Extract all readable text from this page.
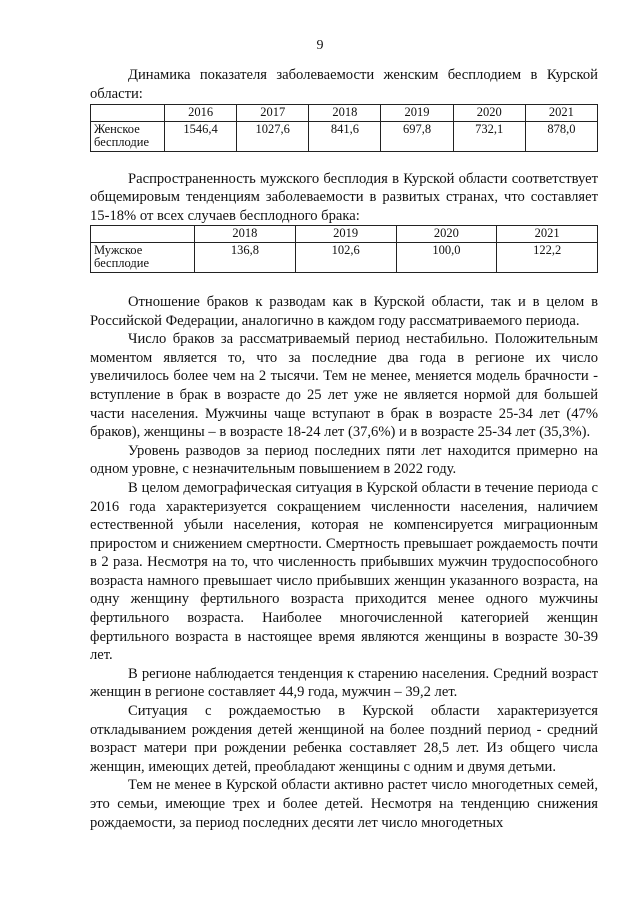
9
Динамика показателя заболеваемости женским бесплодием в Курской области:
	2016	2017	2018	2019	2020	2021
Женское бесплодие	1546,4	1027,6	841,6	697,8	732,1	878,0

Распространенность мужского бесплодия в Курской области соответствует общемировым тенденциям заболеваемости в развитых странах, что составляет 15-18% от всех случаев бесплодного брака:

	2018	2019	2020	2021
Мужское бесплодие	136,8	102,6	100,0	122,2

Отношение браков к разводам как в Курской области, так и в целом в Российской Федерации, аналогично в каждом году рассматриваемого периода.

Число браков за рассматриваемый период нестабильно. Положительным моментом является то, что за последние два года в регионе их число увеличилось более чем на 2 тысячи. Тем не менее, меняется модель брачности - вступление в брак в возрасте до 25 лет уже не является нормой для большей части населения. Мужчины чаще вступают в брак в возрасте 25-34 лет (47% браков), женщины – в возрасте 18-24 лет (37,6%) и в возрасте 25-34 лет (35,3%).

Уровень разводов за период последних пяти лет находится примерно на одном уровне, с незначительным повышением в 2022 году.

В целом демографическая ситуация в Курской области в течение периода с 2016 года характеризуется сокращением численности населения, наличием естественной убыли населения, которая не компенсируется миграционным приростом и снижением смертности. Смертность превышает рождаемость почти в 2 раза. Несмотря на то, что численность прибывших мужчин трудоспособного возраста намного превышает число прибывших женщин указанного возраста, на одну женщину фертильного возраста приходится менее одного мужчины фертильного возраста. Наиболее многочисленной категорией женщин фертильного возраста в настоящее время являются женщины в возрасте 30-39 лет.

В регионе наблюдается тенденция к старению населения. Средний возраст женщин в регионе составляет 44,9 года, мужчин – 39,2 лет.

Ситуация с рождаемостью в Курской области характеризуется откладыванием рождения детей женщиной на более поздний период - средний возраст матери при рождении ребенка составляет 28,5 лет. Из общего числа женщин, имеющих детей, преобладают женщины с одним и двумя детьми.

Тем не менее в Курской области активно растет число многодетных семей, это семьи, имеющие трех и более детей. Несмотря на тенденцию снижения рождаемости, за период последних десяти лет число многодетных
